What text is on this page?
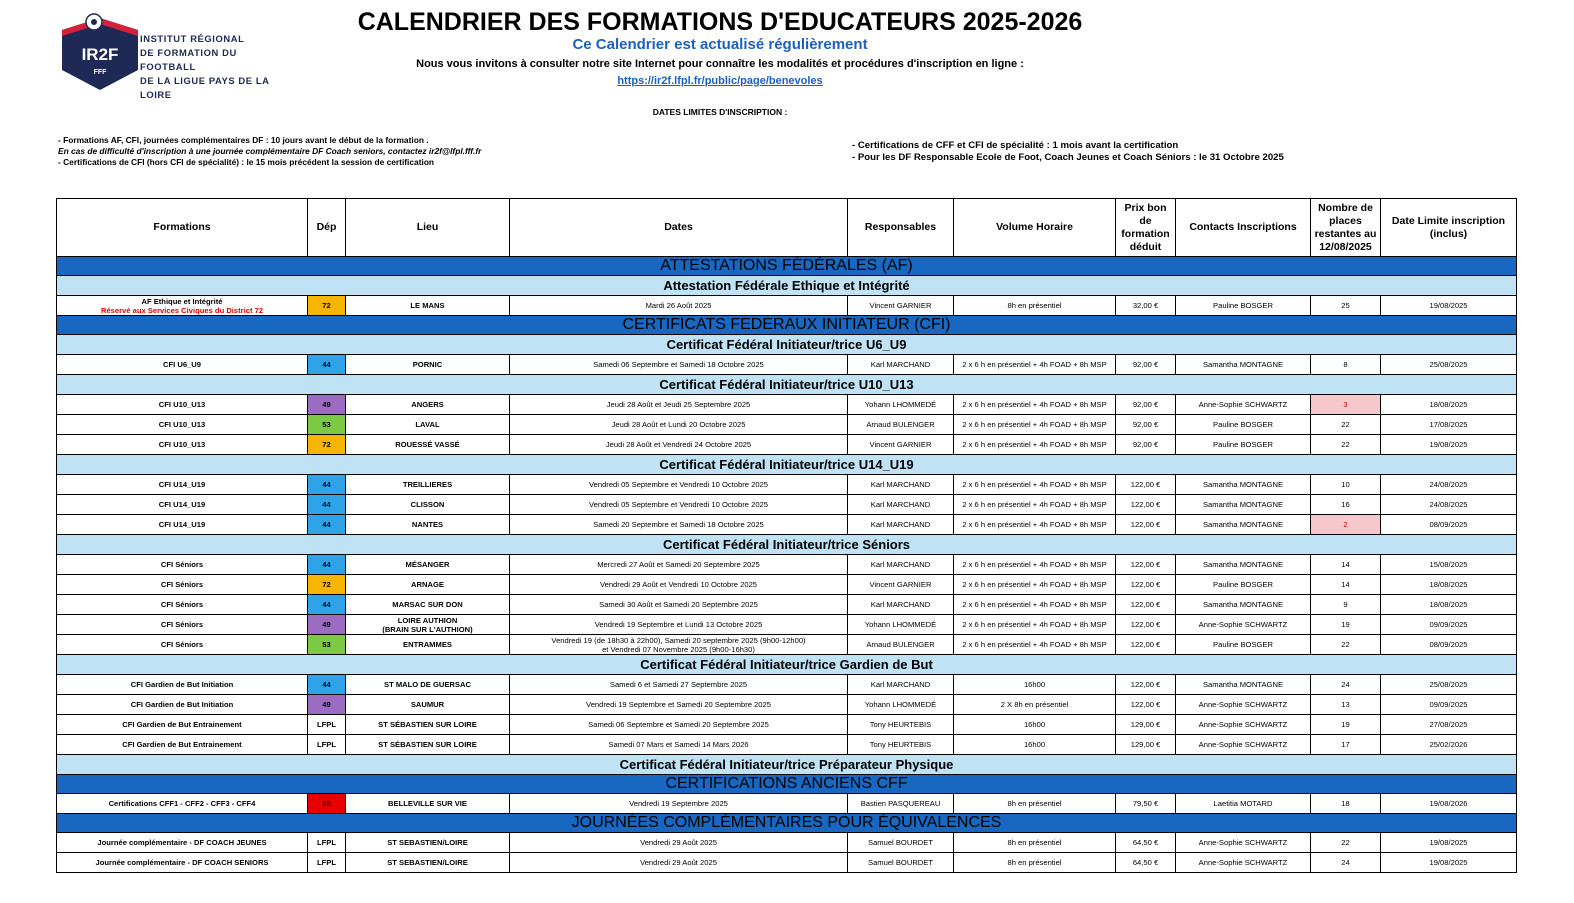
IR2F
FFF
INSTITUT RÉGIONAL
DE FORMATION DU FOOTBALL
DE LA LIGUE PAYS DE LA LOIRE
CALENDRIER DES FORMATIONS D'EDUCATEURS 2025-2026
Ce Calendrier est actualisé régulièrement
Nous vous invitons à consulter notre site Internet pour connaître les modalités et procédures d'inscription en ligne :
https://ir2f.lfpl.fr/public/page/benevoles
DATES LIMITES D'INSCRIPTION :
- Formations AF, CFI, journées complémentaires DF : 10 jours avant le début de la formation .
En cas de difficulté d'inscription à une journée complémentaire DF Coach seniors, contactez ir2f@lfpl.fff.fr
- Certifications de CFI (hors CFI de spécialité) : le 15 mois précédent la session de certification
- Certifications de CFF et CFI de spécialité : 1 mois avant la certification
- Pour les DF Responsable Ecole de Foot, Coach Jeunes et Coach Séniors : le 31 Octobre 2025
Formations	Dép	Lieu	Dates	Responsables	Volume Horaire	Prix bon de formation déduit	Contacts Inscriptions	Nombre de places restantes au 12/08/2025	Date Limite inscription (inclus)
ATTESTATIONS FÉDÉRALES (AF)									
Attestation Fédérale Ethique et Intégrité									

AF Ethique et Intégrité
Réservé aux Services Civiques du District 72	72	LE MANS	Mardi 26 Août 2025	Vincent GARNIER	8h en présentiel	32,00 €	Pauline BOSGER	25	19/08/2025
CERTIFICATS FEDERAUX INITIATEUR (CFI)									
Certificat Fédéral Initiateur/trice U6_U9									

CFI U6_U9	44	PORNIC	Samedi 06 Septembre et Samedi 18 Octobre 2025	Karl MARCHAND	2 x 6 h en présentiel + 4h FOAD + 8h MSP	92,00 €	Samantha MONTAGNE	8	25/08/2025
Certificat Fédéral Initiateur/trice U10_U13									

CFI U10_U13	49	ANGERS	Jeudi 28 Août et Jeudi 25 Septembre 2025	Yohann LHOMMEDÉ	2 x 6 h en présentiel + 4h FOAD + 8h MSP	92,00 €	Anne-Sophie SCHWARTZ	3	18/08/2025

CFI U10_U13	53	LAVAL	Jeudi 28 Août et Lundi 20 Octobre 2025	Arnaud BULENGER	2 x 6 h en présentiel + 4h FOAD + 8h MSP	92,00 €	Pauline BOSGER	22	17/08/2025

CFI U10_U13	72	ROUESSÉ VASSÉ	Jeudi 28 Août et Vendredi 24 Octobre 2025	Vincent GARNIER	2 x 6 h en présentiel + 4h FOAD + 8h MSP	92,00 €	Pauline BOSGER	22	19/08/2025
Certificat Fédéral Initiateur/trice U14_U19									

CFI U14_U19	44	TREILLIERES	Vendredi 05 Septembre et Vendredi 10 Octobre 2025	Karl MARCHAND	2 x 6 h en présentiel + 4h FOAD + 8h MSP	122,00 €	Samantha MONTAGNE	10	24/08/2025

CFI U14_U19	44	CLISSON	Vendredi 05 Septembre et Vendredi 10 Octobre 2025	Karl MARCHAND	2 x 6 h en présentiel + 4h FOAD + 8h MSP	122,00 €	Samantha MONTAGNE	16	24/08/2025

CFI U14_U19	44	NANTES	Samedi 20 Septembre et Samedi 18 Octobre 2025	Karl MARCHAND	2 x 6 h en présentiel + 4h FOAD + 8h MSP	122,00 €	Samantha MONTAGNE	2	08/09/2025
Certificat Fédéral Initiateur/trice Séniors									

CFI Séniors	44	MÉSANGER	Mercredi 27 Août et Samedi 20 Septembre 2025	Karl MARCHAND	2 x 6 h en présentiel + 4h FOAD + 8h MSP	122,00 €	Samantha MONTAGNE	14	15/08/2025

CFI Séniors	72	ARNAGE	Vendredi 29 Août et Vendredi 10 Octobre 2025	Vincent GARNIER	2 x 6 h en présentiel + 4h FOAD + 8h MSP	122,00 €	Pauline BOSGER	14	18/08/2025

CFI Séniors	44	MARSAC SUR DON	Samedi 30 Août et Samedi 20 Septembre 2025	Karl MARCHAND	2 x 6 h en présentiel + 4h FOAD + 8h MSP	122,00 €	Samantha MONTAGNE	9	18/08/2025

CFI Séniors	49	LOIRE AUTHION
(BRAIN SUR L'AUTHION)	Vendredi 19 Septembre et Lundi 13 Octobre 2025	Yohann LHOMMEDÉ	2 x 6 h en présentiel + 4h FOAD + 8h MSP	122,00 €	Anne-Sophie SCHWARTZ	19	09/09/2025

CFI Séniors	53	ENTRAMMES	Vendredi 19 (de 18h30 à 22h00), Samedi 20 septembre 2025 (9h00-12h00)
et Vendredi 07 Novembre 2025 (9h00-16h30)	Arnaud BULENGER	2 x 6 h en présentiel + 4h FOAD + 8h MSP	122,00 €	Pauline BOSGER	22	08/09/2025
Certificat Fédéral Initiateur/trice Gardien de But									

CFI Gardien de But Initiation	44	ST MALO DE GUERSAC	Samedi 6 et Samedi 27 Septembre 2025	Karl MARCHAND	16h00	122,00 €	Samantha MONTAGNE	24	25/08/2025

CFI Gardien de But Initiation	49	SAUMUR	Vendredi 19 Septembre et Samedi 20 Septembre 2025	Yohann LHOMMEDÉ	2 X 8h en présentiel	122,00 €	Anne-Sophie SCHWARTZ	13	09/09/2025

CFI Gardien de But Entrainement	LFPL	ST SÉBASTIEN SUR LOIRE	Samedi 06 Septembre et Samedi 20 Septembre 2025	Tony HEURTEBIS	16h00	129,00 €	Anne-Sophie SCHWARTZ	19	27/08/2025

CFI Gardien de But Entrainement	LFPL	ST SÉBASTIEN SUR LOIRE	Samedi 07 Mars et Samedi 14 Mars 2026	Tony HEURTEBIS	16h00	129,00 €	Anne-Sophie SCHWARTZ	17	25/02/2026
Certificat Fédéral Initiateur/trice Préparateur Physique									
CERTIFICATIONS ANCIENS CFF									

Certifications CFF1 - CFF2 - CFF3 - CFF4	85	BELLEVILLE SUR VIE	Vendredi 19 Septembre 2025	Bastien PASQUEREAU	8h en présentiel	79,50 €	Laetitia MOTARD	18	19/08/2026
JOURNÉES COMPLÉMENTAIRES POUR ÉQUIVALENCES									

Journée complémentaire - DF COACH JEUNES	LFPL	ST SEBASTIEN/LOIRE	Vendredi 29 Août 2025	Samuel BOURDET	8h en présentiel	64,50 €	Anne-Sophie SCHWARTZ	22	19/08/2025

Journée complémentaire - DF COACH SENIORS	LFPL	ST SEBASTIEN/LOIRE	Vendredi 29 Août 2025	Samuel BOURDET	8h en présentiel	64,50 €	Anne-Sophie SCHWARTZ	24	19/08/2025
